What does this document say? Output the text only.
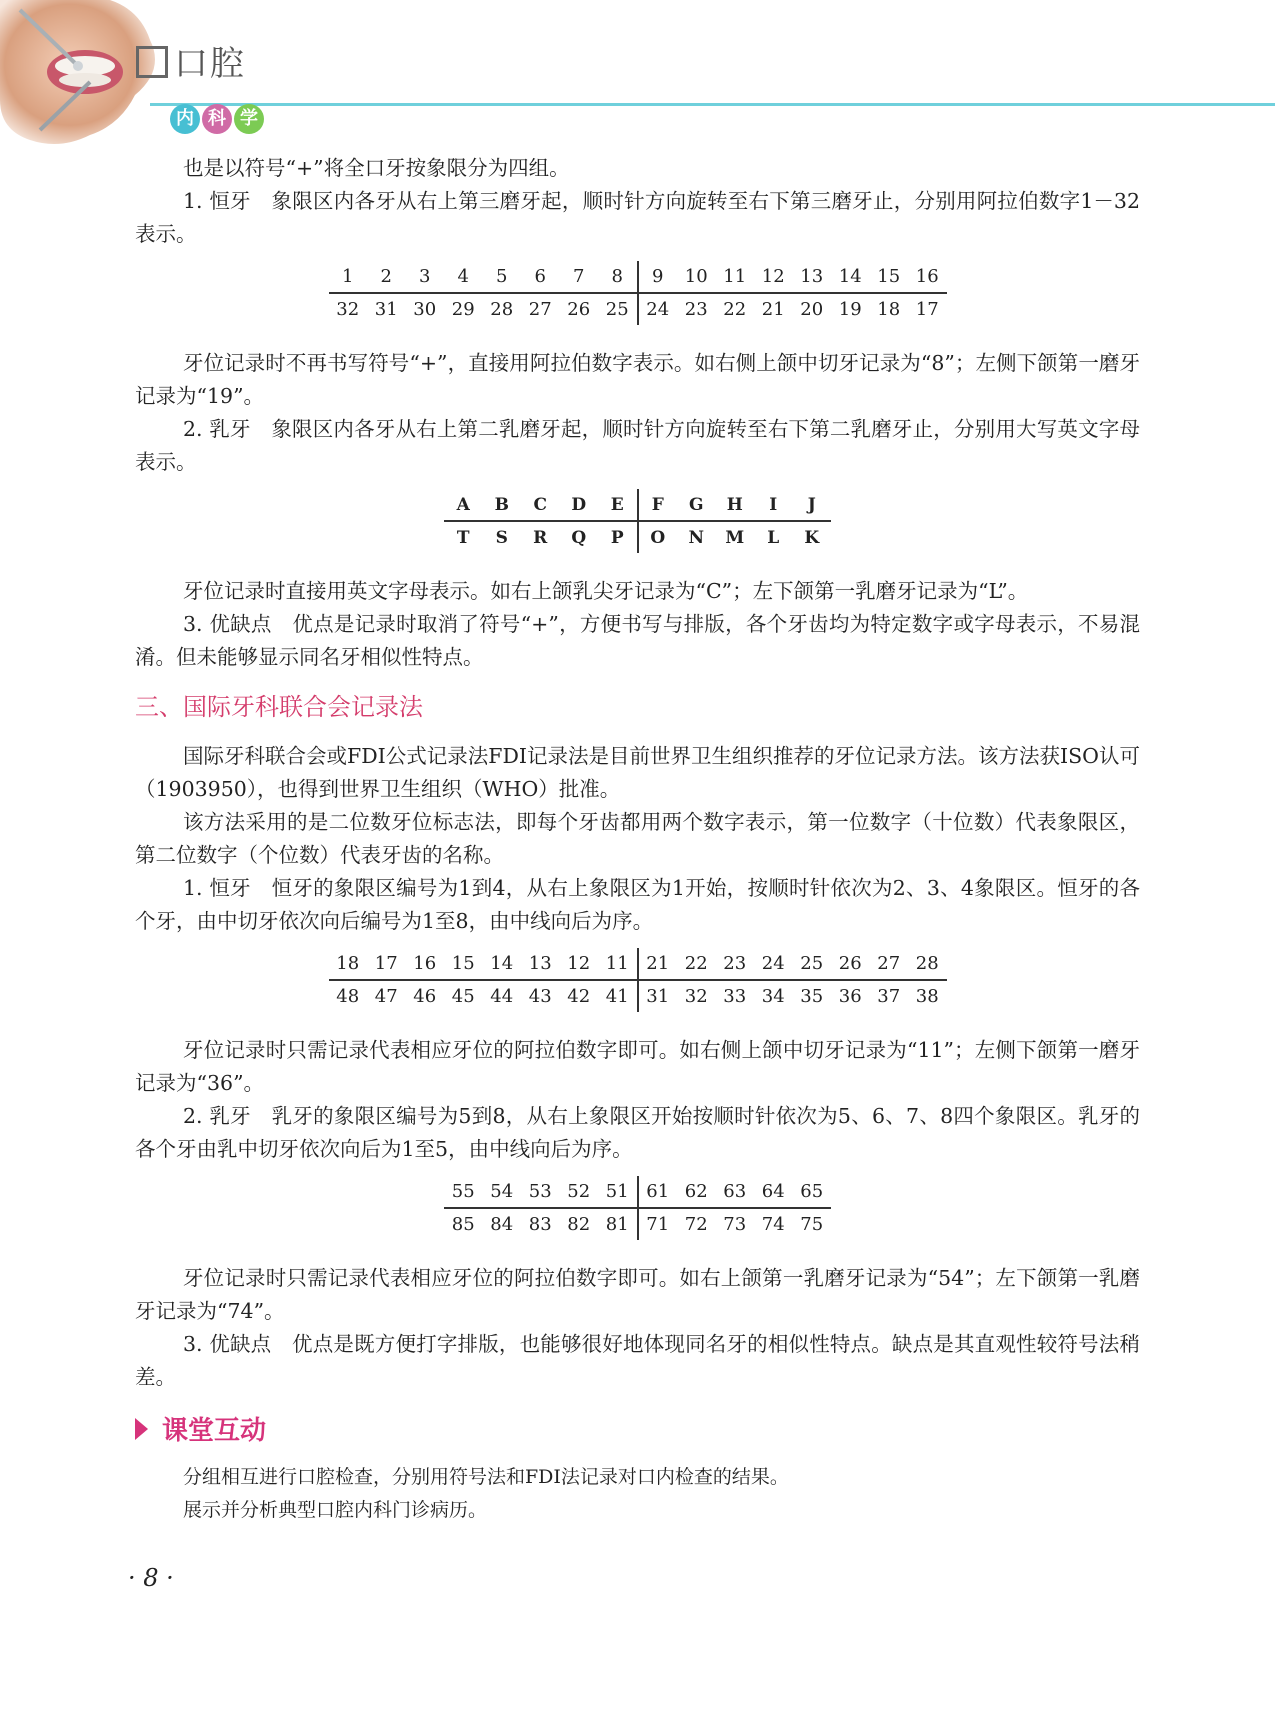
口腔
内 科 学

也是以符号“+”将全口牙按象限分为四组。

1. 恒牙　象限区内各牙从右上第三磨牙起，顺时针方向旋转至右下第三磨牙止，分别用阿拉伯数字1－32表示。

1	2	3	4	5	6	7	8	9	10	11	12	13	14	15	16
32	31	30	29	28	27	26	25	24	23	22	21	20	19	18	17

牙位记录时不再书写符号“+”，直接用阿拉伯数字表示。如右侧上颌中切牙记录为“8”；左侧下颌第一磨牙记录为“19”。

2. 乳牙　象限区内各牙从右上第二乳磨牙起，顺时针方向旋转至右下第二乳磨牙止，分别用大写英文字母表示。

A	B	C	D	E	F	G	H	I	J
T	S	R	Q	P	O	N	M	L	K

牙位记录时直接用英文字母表示。如右上颌乳尖牙记录为“C”；左下颌第一乳磨牙记录为“L”。

3. 优缺点　优点是记录时取消了符号“+”，方便书写与排版，各个牙齿均为特定数字或字母表示，不易混淆。但未能够显示同名牙相似性特点。

三、国际牙科联合会记录法

国际牙科联合会或FDI公式记录法FDI记录法是目前世界卫生组织推荐的牙位记录方法。该方法获ISO认可（1903950），也得到世界卫生组织（WHO）批准。

该方法采用的是二位数牙位标志法，即每个牙齿都用两个数字表示，第一位数字（十位数）代表象限区，第二位数字（个位数）代表牙齿的名称。

1. 恒牙　恒牙的象限区编号为1到4，从右上象限区为1开始，按顺时针依次为2、3、4象限区。恒牙的各个牙，由中切牙依次向后编号为1至8，由中线向后为序。

18	17	16	15	14	13	12	11	21	22	23	24	25	26	27	28
48	47	46	45	44	43	42	41	31	32	33	34	35	36	37	38

牙位记录时只需记录代表相应牙位的阿拉伯数字即可。如右侧上颌中切牙记录为“11”；左侧下颌第一磨牙记录为“36”。

2. 乳牙　乳牙的象限区编号为5到8，从右上象限区开始按顺时针依次为5、6、7、8四个象限区。乳牙的各个牙由乳中切牙依次向后为1至5，由中线向后为序。

55	54	53	52	51	61	62	63	64	65
85	84	83	82	81	71	72	73	74	75

牙位记录时只需记录代表相应牙位的阿拉伯数字即可。如右上颌第一乳磨牙记录为“54”；左下颌第一乳磨牙记录为“74”。

3. 优缺点　优点是既方便打字排版，也能够很好地体现同名牙的相似性特点。缺点是其直观性较符号法稍差。

课堂互动
分组相互进行口腔检查，分别用符号法和FDI法记录对口内检查的结果。
展示并分析典型口腔内科门诊病历。
· 8 ·
